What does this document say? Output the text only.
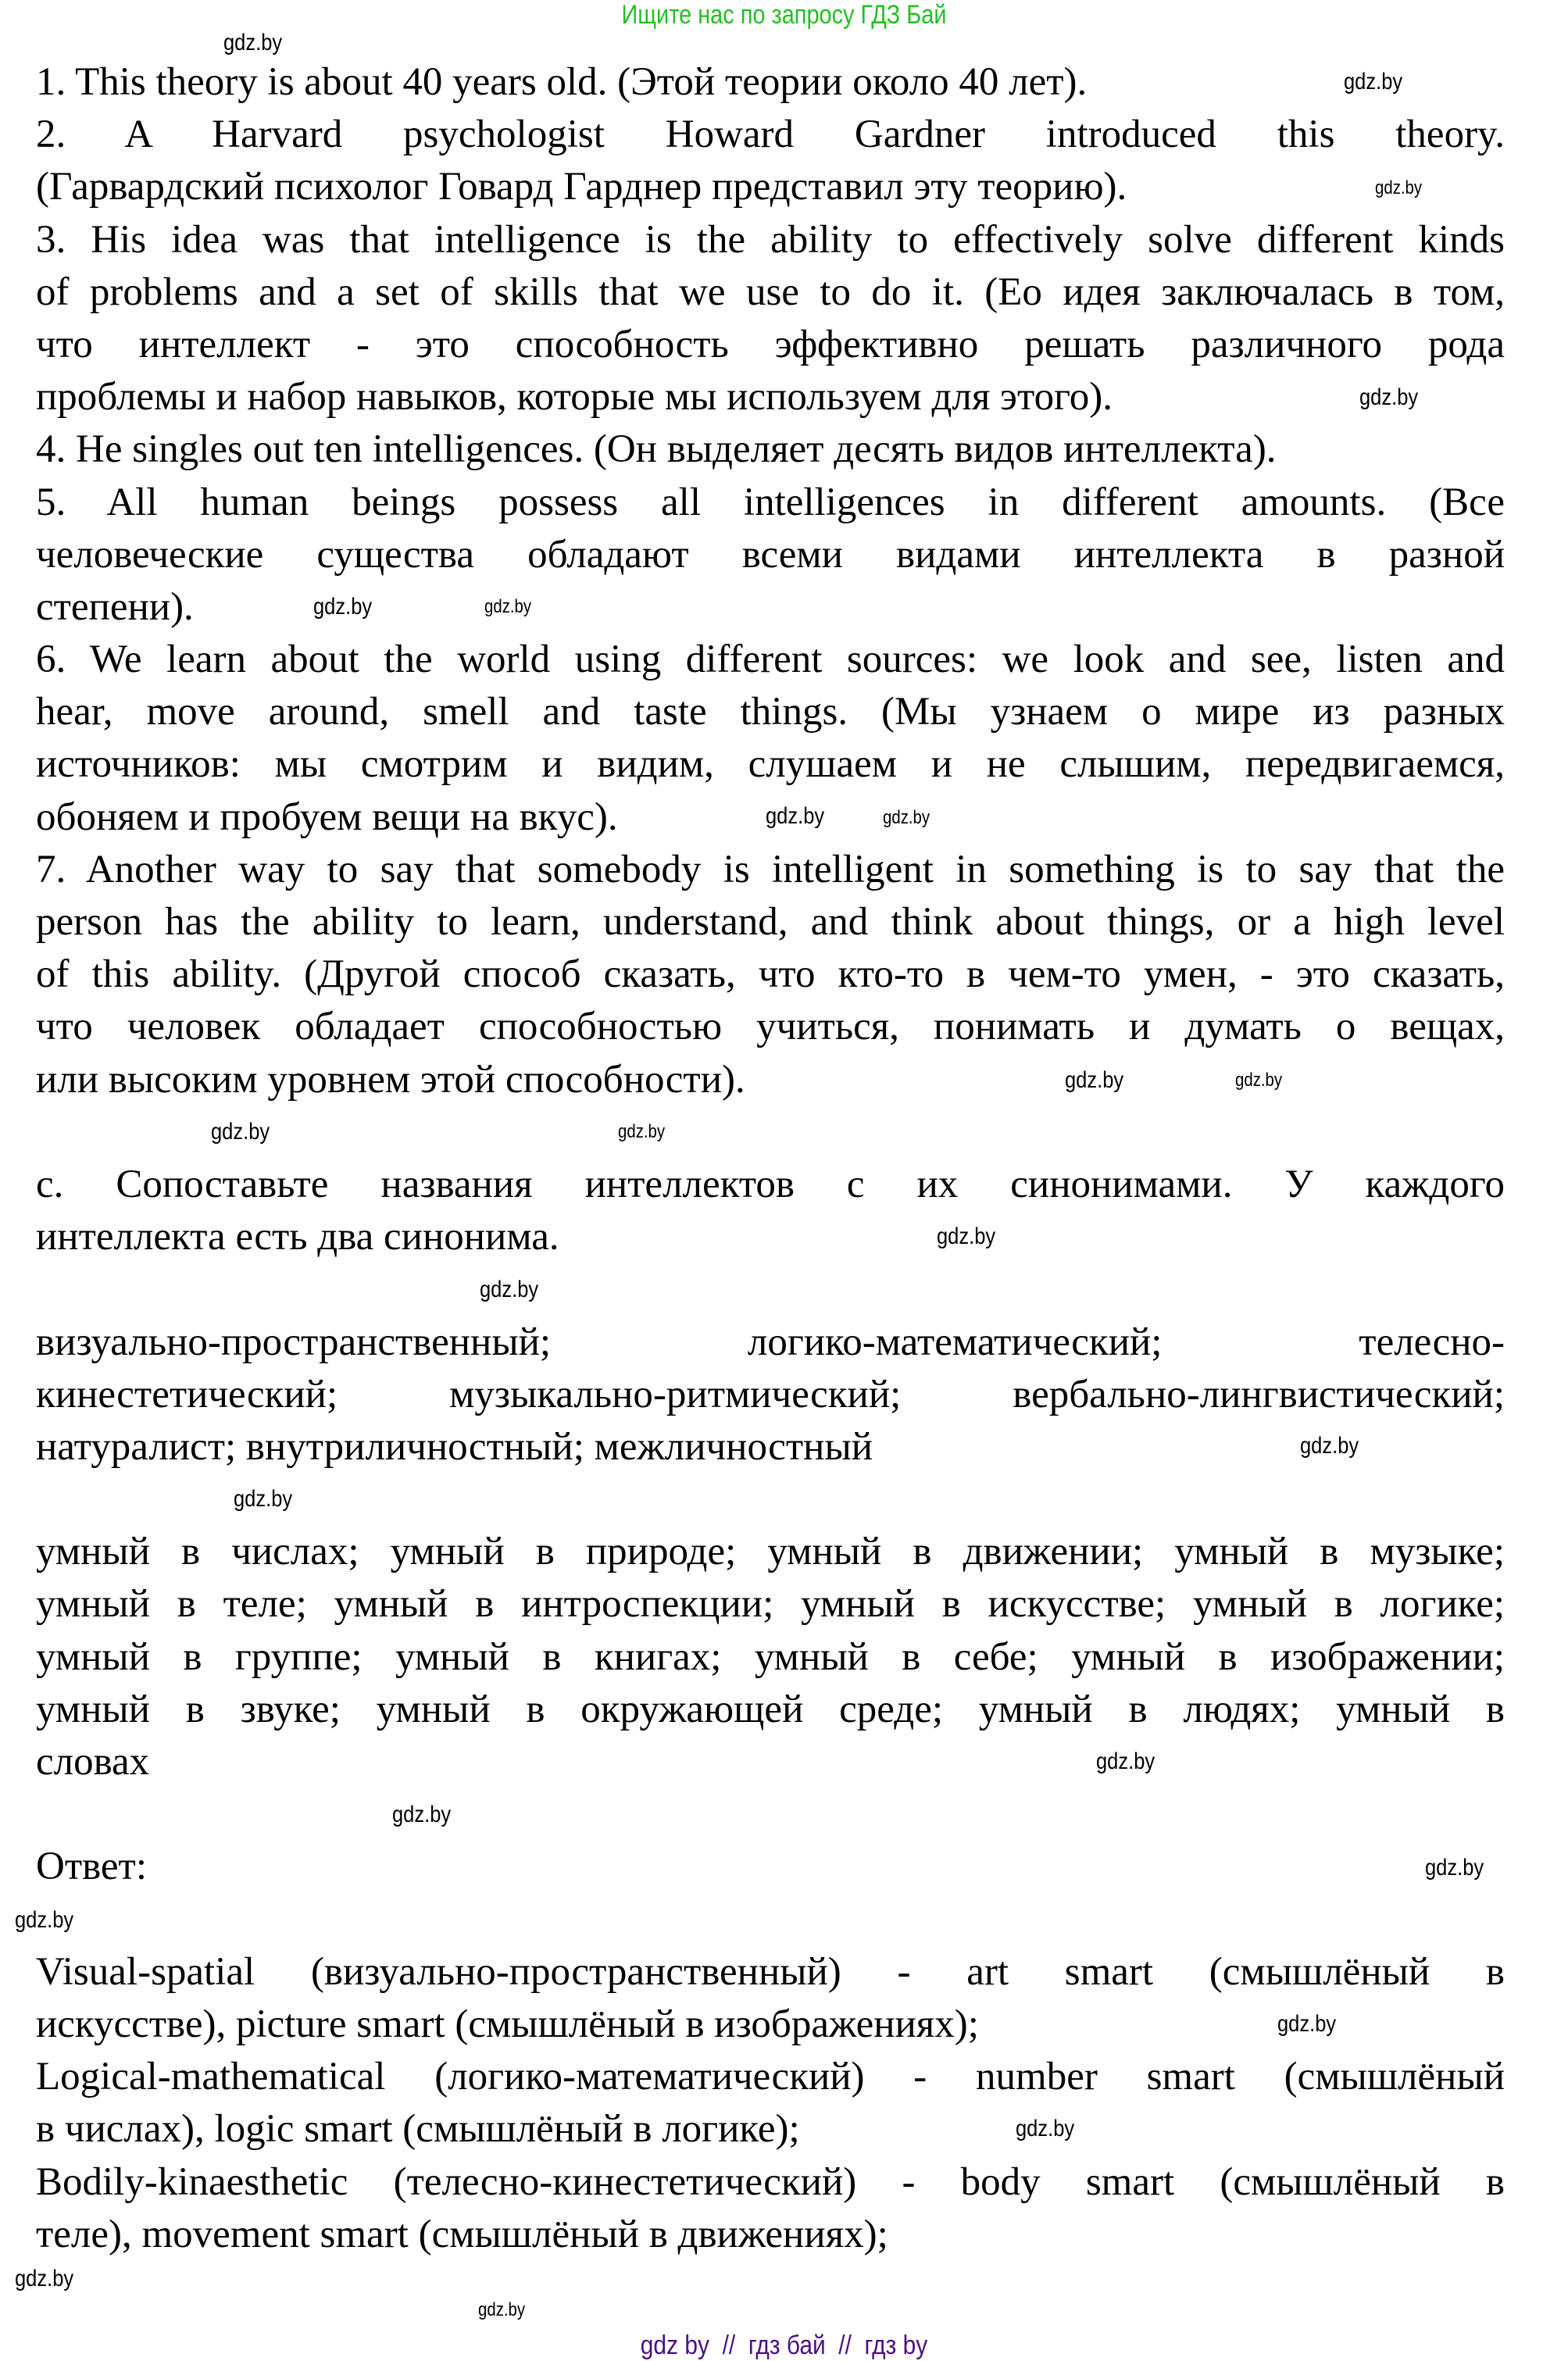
Ищите нас по запросу ГДЗ Бай
1. This theory is about 40 years old. (Этой теории около 40 лет).
2. A Harvard psychologist Howard Gardner introduced this theory.
(Гарвардский психолог Говард Гарднер представил эту теорию).
3. His idea was that intelligence is the ability to effectively solve different kinds
of problems and a set of skills that we use to do it. (Ео идея заключалась в том,
что интеллект - это способность эффективно решать различного рода
проблемы и набор навыков, которые мы используем для этого).
4. He singles out ten intelligences. (Он выделяет десять видов интеллекта).
5. All human beings possess all intelligences in different amounts. (Все
человеческие существа обладают всеми видами интеллекта в разной
степени).
6. We learn about the world using different sources: we look and see, listen and
hear, move around, smell and taste things. (Мы узнаем о мире из разных
источников: мы смотрим и видим, слушаем и не слышим, передвигаемся,
обоняем и пробуем вещи на вкус).
7. Another way to say that somebody is intelligent in something is to say that the
person has the ability to learn, understand, and think about things, or a high level
of this ability. (Другой способ сказать, что кто-то в чем-то умен, - это сказать,
что человек обладает способностью учиться, понимать и думать о вещах,
или высоким уровнем этой способности).
c. Сопоставьте названия интеллектов с их синонимами. У каждого
интеллекта есть два синонима.
визуально-пространственный; логико-математический; телесно-
кинестетический; музыкально-ритмический; вербально-лингвистический;
натуралист; внутриличностный; межличностный
умный в числах; умный в природе; умный в движении; умный в музыке;
умный в теле; умный в интроспекции; умный в искусстве; умный в логике;
умный в группе; умный в книгах; умный в себе; умный в изображении;
умный в звуке; умный в окружающей среде; умный в людях; умный в
словах
Ответ:
Visual-spatial (визуально-пространственный) - art smart (смышлёный в
искусстве), picture smart (смышлёный в изображениях);
Logical-mathematical (логико-математический) - number smart (смышлёный
в числах), logic smart (смышлёный в логике);
Bodily-kinaesthetic (телесно-кинестетический) - body smart (смышлёный в
теле), movement smart (смышлёный в движениях);
gdz.by
gdz.by
gdz.by
gdz.by
gdz.by
gdz.by
gdz.by
gdz.by
gdz.by
gdz.by
gdz.by
gdz.by
gdz.by
gdz.by
gdz.by
gdz.by
gdz.by
gdz.by
gdz.by
gdz.by
gdz.by
gdz.by
gdz.by
gdz.by
gdz by  //  гдз бай  //  гдз by
